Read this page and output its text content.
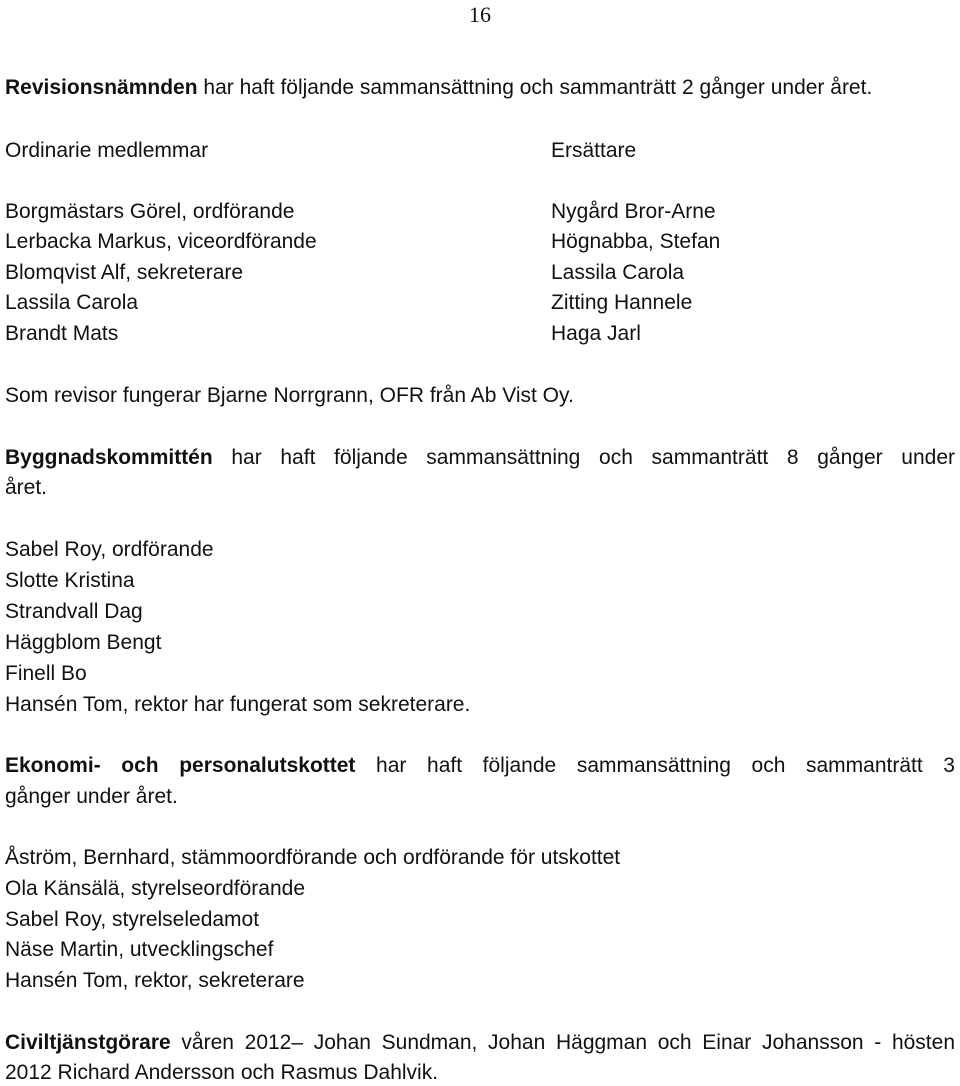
16
Revisionsnämnden har haft följande sammansättning och sammanträtt 2 gånger under året.
Ordinarie medlemmar	Ersättare
Borgmästars Görel, ordförande
Lerbacka Markus, viceordförande
Blomqvist Alf, sekreterare
Lassila Carola
Brandt Mats
Nygård Bror-Arne
Högnabba, Stefan
Lassila Carola
Zitting Hannele
Haga Jarl
Som revisor fungerar Bjarne Norrgrann, OFR från Ab Vist Oy.
Byggnadskommittén har haft följande sammansättning och sammanträtt 8 gånger under
året.
Sabel Roy, ordförande
Slotte Kristina
Strandvall Dag
Häggblom Bengt
Finell Bo
Hansén Tom, rektor har fungerat som sekreterare.
Ekonomi- och personalutskottet har haft följande sammansättning och sammanträtt 3
gånger under året.
Åström, Bernhard, stämmoordförande och ordförande för utskottet
Ola Känsälä, styrelseordförande
Sabel Roy, styrelseledamot
Näse Martin, utvecklingschef
Hansén Tom, rektor, sekreterare
Civiltjänstgörare våren 2012– Johan Sundman, Johan Häggman och Einar Johansson - hösten
2012 Richard Andersson och Rasmus Dahlvik.
